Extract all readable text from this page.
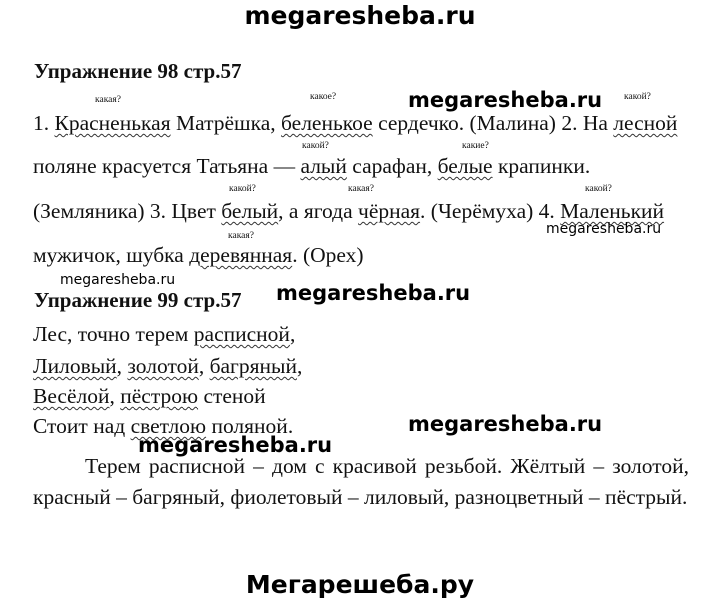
megaresheba.ru
Упражнение 98 стр.57
какая?	какое?	megaresheba.ru какой?
1. Красненькая Матрёшка, беленькое сердечко. (Малина) 2. На лесной
какой?	какие?
поляне красуется Татьяна — алый сарафан, белые крапинки.
какой?	какая?	какой?
(Земляника) 3. Цвет белый, а ягода чёрная. (Черёмуха) 4. Маленький
megaresheba.ru
какая?
мужичок, шубка деревянная. (Орех)
megaresheba.ru
Упражнение 99 стр.57 megaresheba.ru
Лес, точно терем расписной,
Лиловый, золотой, багряный,
Весёлой, пёстрою стеной
Стоит над светлою поляной.	megaresheba.ru
megaresheba.ru
Терем расписной – дом с красивой резьбой. Жёлтый – золотой, красный – багряный, фиолетовый – лиловый, разноцветный – пёстрый.
Мегарешеба.ру
